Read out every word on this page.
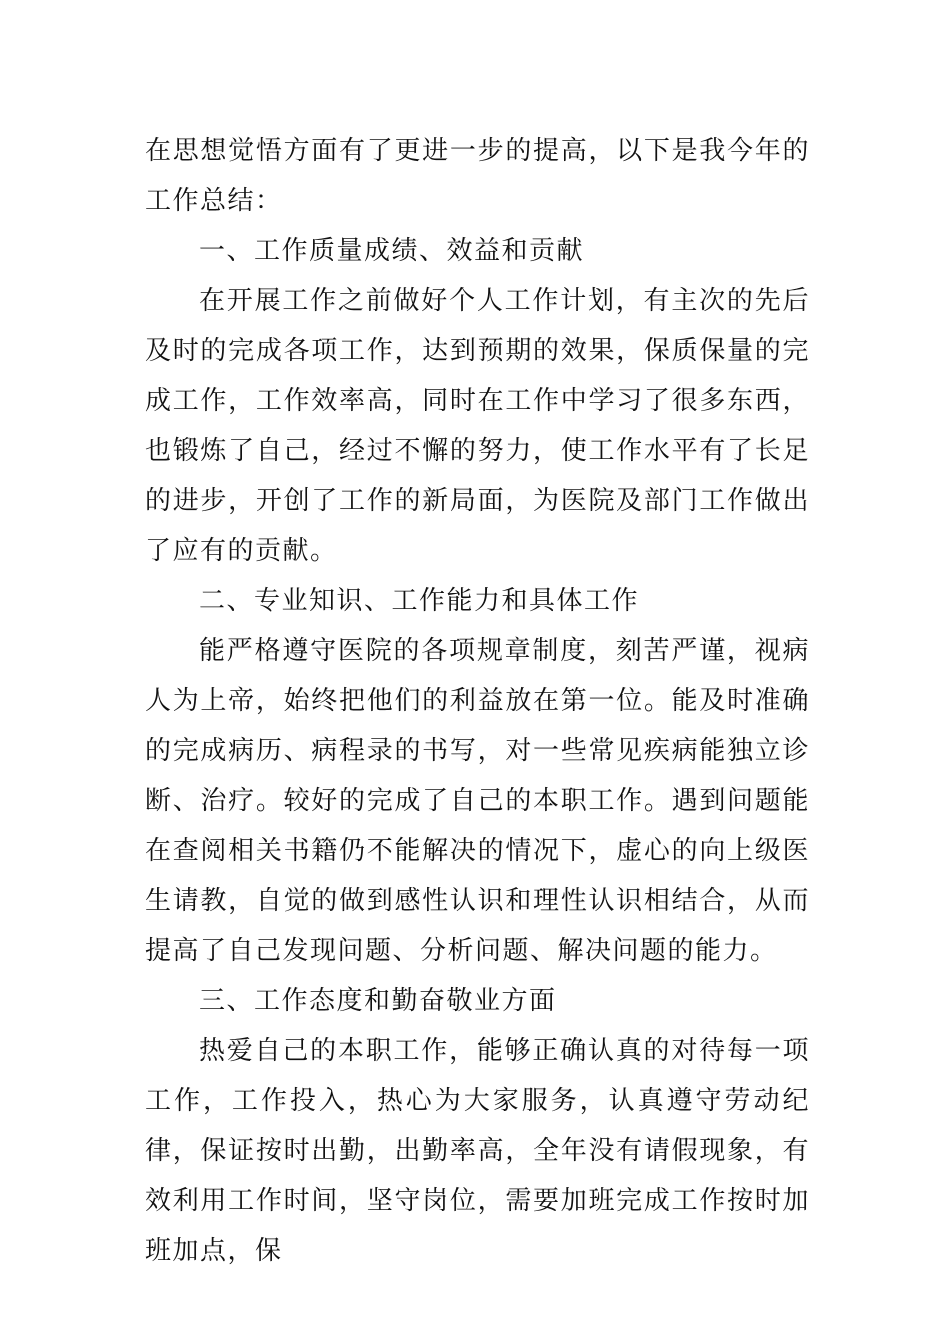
在思想觉悟方面有了更进一步的提高，以下是我今年的工作总结：

一、工作质量成绩、效益和贡献

在开展工作之前做好个人工作计划，有主次的先后及时的完成各项工作，达到预期的效果，保质保量的完成工作，工作效率高，同时在工作中学习了很多东西，也锻炼了自己，经过不懈的努力，使工作水平有了长足的进步，开创了工作的新局面，为医院及部门工作做出了应有的贡献。

二、专业知识、工作能力和具体工作

能严格遵守医院的各项规章制度，刻苦严谨，视病人为上帝，始终把他们的利益放在第一位。能及时准确的完成病历、病程录的书写，对一些常见疾病能独立诊断、治疗。较好的完成了自己的本职工作。遇到问题能在查阅相关书籍仍不能解决的情况下，虚心的向上级医生请教，自觉的做到感性认识和理性认识相结合，从而提高了自己发现问题、分析问题、解决问题的能力。

三、工作态度和勤奋敬业方面

热爱自己的本职工作，能够正确认真的对待每一项工作，工作投入，热心为大家服务，认真遵守劳动纪律，保证按时出勤，出勤率高，全年没有请假现象，有效利用工作时间，坚守岗位，需要加班完成工作按时加班加点，保
